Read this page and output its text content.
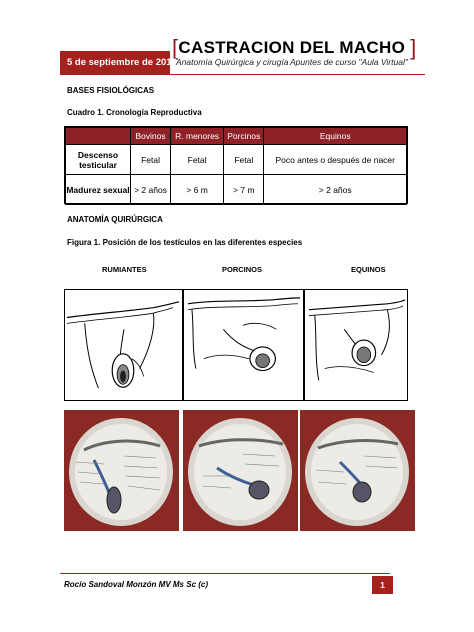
[CASTRACION DEL MACHO ]
5 de septiembre de 2013 Anatomía Quirúrgica y cirugía Apuntes de curso "Aula Virtual"
BASES FISIOLÓGICAS
Cuadro 1. Cronología Reproductiva
	Bovinos	R. menores	Porcinos	Equinos
Descenso testicular	Fetal	Fetal	Fetal	Poco antes o después de nacer
Madurez sexual	> 2 años	> 6 m	> 7 m	> 2 años
ANATOMÍA QUIRÚRGICA
Figura 1. Posición de los testículos en las diferentes especies
RUMIANTES	PORCINOS	EQUINOS
Rocío Sandoval Monzón MV Ms Sc (c)	1
